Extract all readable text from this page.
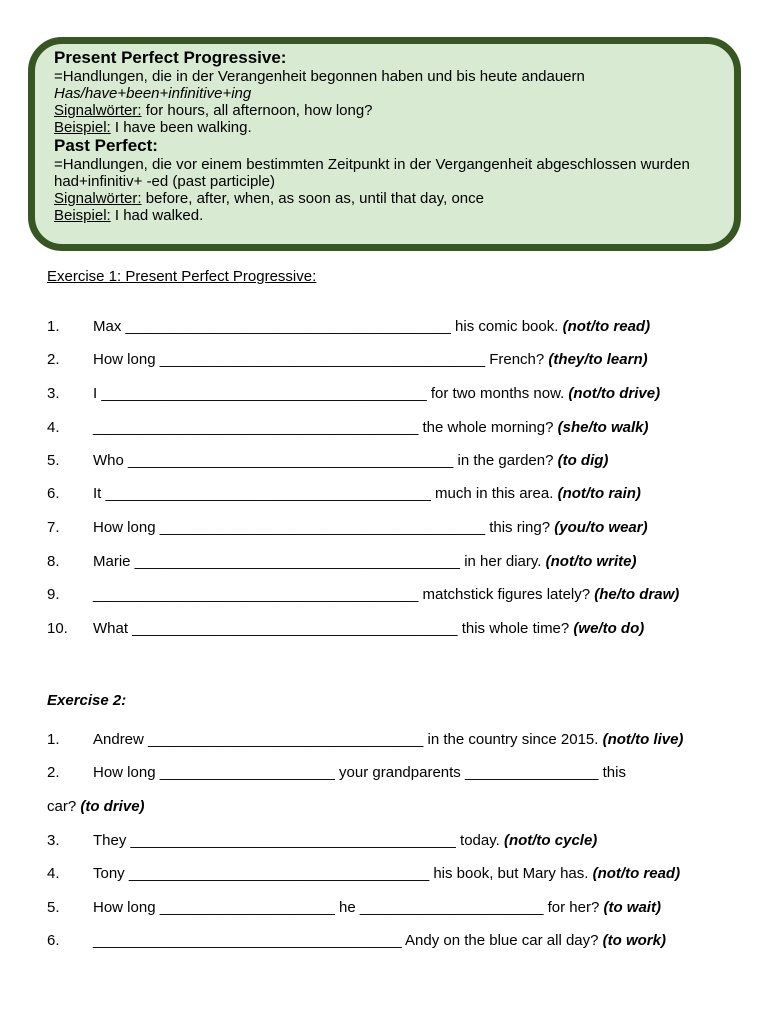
Present Perfect Progressive:
=Handlungen, die in der Verangenheit begonnen haben und bis heute andauern
Has/have+been+infinitive+ing
Signalwörter: for hours, all afternoon, how long?
Beispiel: I have been walking.
Past Perfect:
=Handlungen, die vor einem bestimmten Zeitpunkt in der Vergangenheit abgeschlossen wurden
had+infinitiv+ -ed (past participle)
Signalwörter: before, after, when, as soon as, until that day, once
Beispiel: I had walked.
Exercise 1: Present Perfect Progressive:
1. Max _______________________________________ his comic book. (not/to read)
2. How long _______________________________________ French? (they/to learn)
3. I _______________________________________ for two months now. (not/to drive)
4. _______________________________________ the whole morning? (she/to walk)
5. Who _______________________________________ in the garden? (to dig)
6. It _______________________________________ much in this area. (not/to rain)
7. How long _______________________________________ this ring? (you/to wear)
8. Marie _______________________________________ in her diary. (not/to write)
9. _______________________________________ matchstick figures lately? (he/to draw)
10. What _______________________________________ this whole time? (we/to do)
Exercise 2:
1. Andrew _________________________________ in the country since 2015. (not/to live)
2. How long _____________________ your grandparents ________________ this
car? (to drive)
3. They _______________________________________ today. (not/to cycle)
4. Tony ____________________________________ his book, but Mary has. (not/to read)
5. How long _____________________ he ______________________ for her? (to wait)
6. _____________________________________ Andy on the blue car all day? (to work)
